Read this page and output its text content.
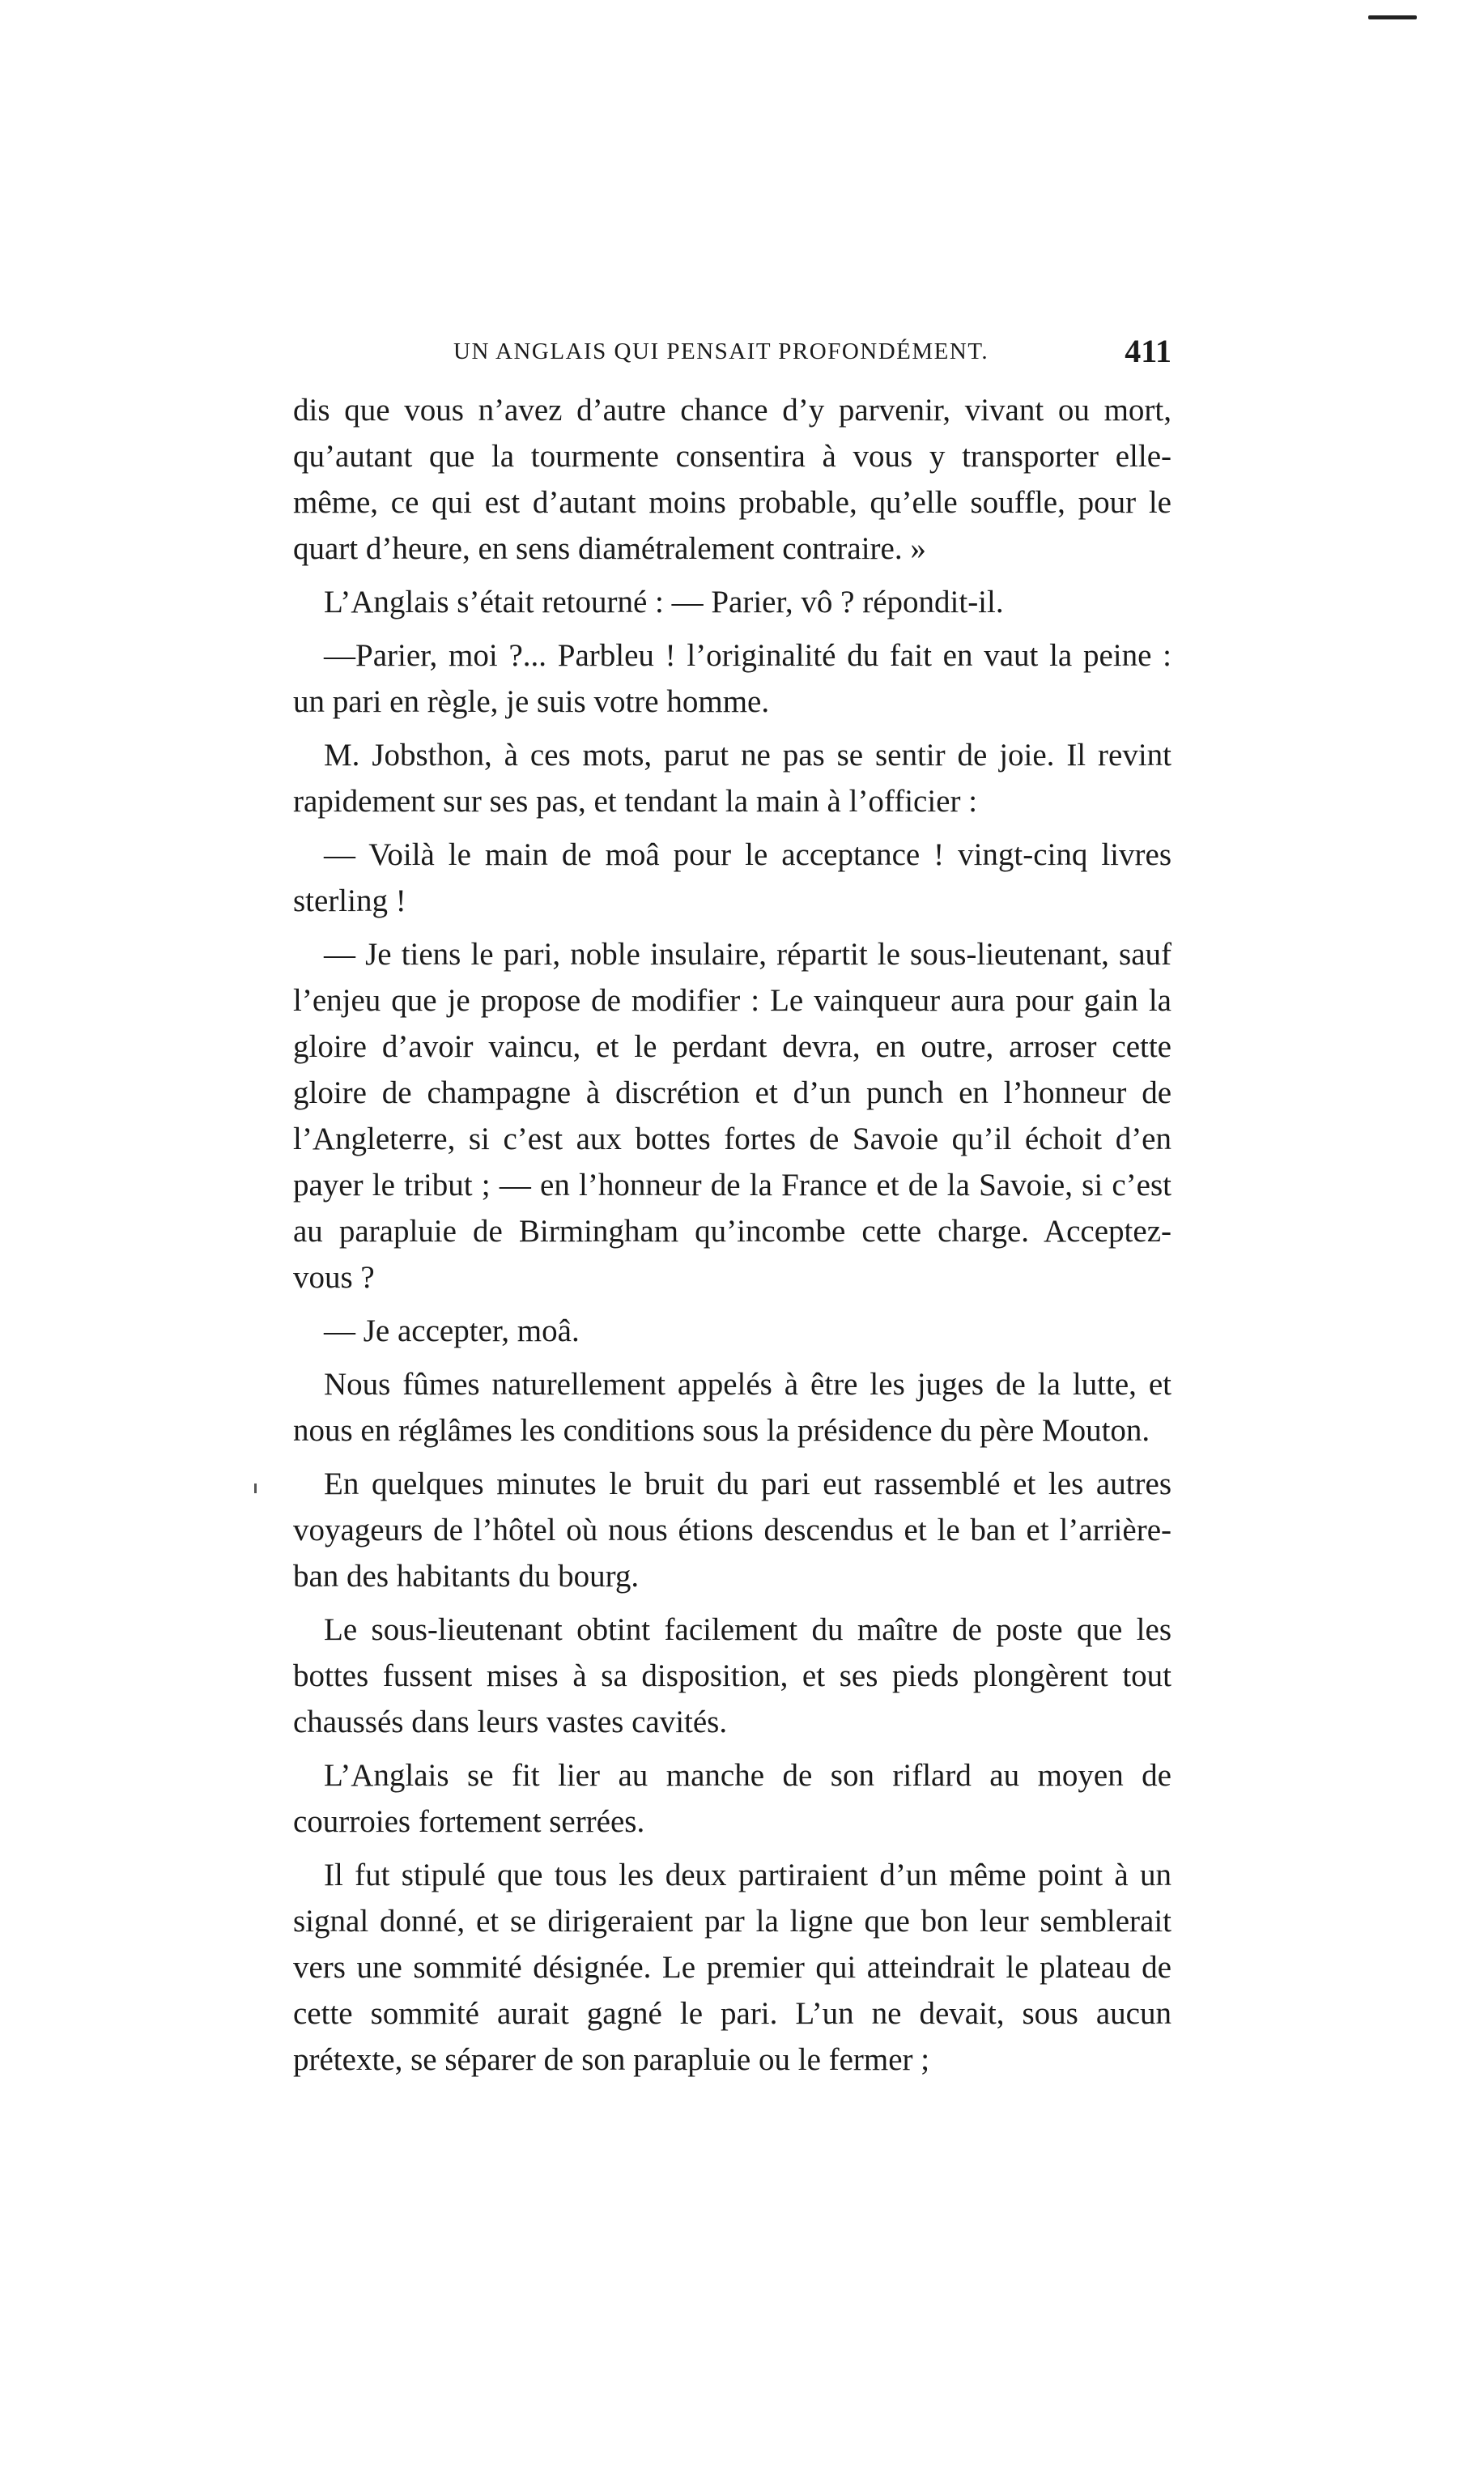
UN ANGLAIS QUI PENSAIT PROFONDÉMENT.	411

dis que vous n’avez d’autre chance d’y parvenir, vivant ou mort, qu’autant que la tourmente consentira à vous y transporter elle-même, ce qui est d’autant moins probable, qu’elle souffle, pour le quart d’heure, en sens diamétralement contraire. »

L’Anglais s’était retourné : — Parier, vô ? répondit-il.

—Parier, moi ?... Parbleu ! l’originalité du fait en vaut la peine : un pari en règle, je suis votre homme.

M. Jobsthon, à ces mots, parut ne pas se sentir de joie. Il revint rapidement sur ses pas, et tendant la main à l’officier :

— Voilà le main de moâ pour le acceptance ! vingt-cinq livres sterling !

— Je tiens le pari, noble insulaire, répartit le sous-lieutenant, sauf l’enjeu que je propose de modifier : Le vainqueur aura pour gain la gloire d’avoir vaincu, et le perdant devra, en outre, arroser cette gloire de champagne à discrétion et d’un punch en l’honneur de l’Angleterre, si c’est aux bottes fortes de Savoie qu’il échoit d’en payer le tribut ; — en l’honneur de la France et de la Savoie, si c’est au parapluie de Birmingham qu’incombe cette charge. Acceptez-vous ?

— Je accepter, moâ.

Nous fûmes naturellement appelés à être les juges de la lutte, et nous en réglâmes les conditions sous la présidence du père Mouton.

En quelques minutes le bruit du pari eut rassemblé et les autres voyageurs de l’hôtel où nous étions descendus et le ban et l’arrière-ban des habitants du bourg.

Le sous-lieutenant obtint facilement du maître de poste que les bottes fussent mises à sa disposition, et ses pieds plongèrent tout chaussés dans leurs vastes cavités.

L’Anglais se fit lier au manche de son riflard au moyen de courroies fortement serrées.

Il fut stipulé que tous les deux partiraient d’un même point à un signal donné, et se dirigeraient par la ligne que bon leur semblerait vers une sommité désignée. Le premier qui atteindrait le plateau de cette sommité aurait gagné le pari. L’un ne devait, sous aucun prétexte, se séparer de son parapluie ou le fermer ;
